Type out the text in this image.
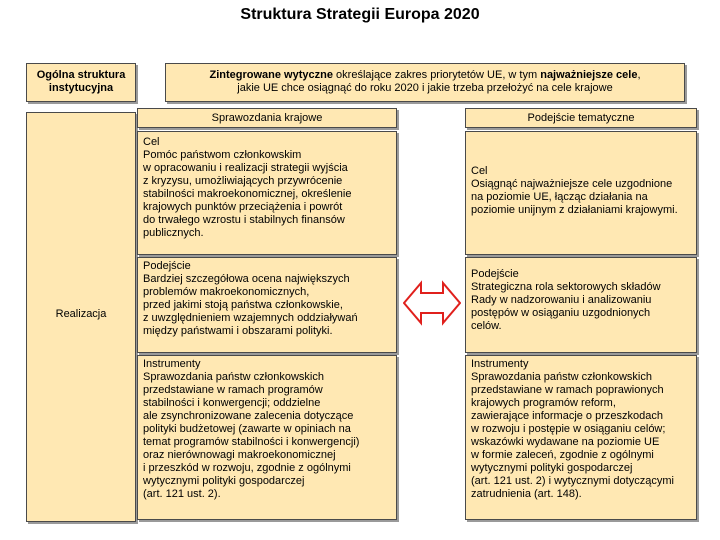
Struktura Strategii Europa 2020
Ogólna struktura
instytucyjna
Zintegrowane wytyczne określające zakres priorytetów UE, w tym najważniejsze cele,
jakie UE chce osiągnąć do roku 2020 i jakie trzeba przełożyć na cele krajowe
Realizacja
Sprawozdania krajowe	Podejście tematyczne
Cel
Pomóc państwom członkowskim
w opracowaniu i realizacji strategii wyjścia
z kryzysu, umożliwiających przywrócenie
stabilności makroekonomicznej, określenie
krajowych punktów przeciążenia i powrót
do trwałego wzrostu i stabilnych finansów
publicznych.
Podejście
Bardziej szczegółowa ocena największych
problemów makroekonomicznych,
przed jakimi stoją państwa członkowskie,
z uwzględnieniem wzajemnych oddziaływań
między państwami i obszarami polityki.
Instrumenty
Sprawozdania państw członkowskich
przedstawiane w ramach programów
stabilności i konwergencji; oddzielne
ale zsynchronizowane zalecenia dotyczące
polityki budżetowej (zawarte w opiniach na
temat programów stabilności i konwergencji)
oraz nierównowagi makroekonomicznej
i przeszkód w rozwoju, zgodnie z ogólnymi
wytycznymi polityki gospodarczej
(art. 121 ust. 2).
Cel
Osiągnąć najważniejsze cele uzgodnione
na poziomie UE, łącząc działania na
poziomie unijnym z działaniami krajowymi.
Podejście
Strategiczna rola sektorowych składów
Rady w nadzorowaniu i analizowaniu
postępów w osiąganiu uzgodnionych
celów.
Instrumenty
Sprawozdania państw członkowskich
przedstawiane w ramach poprawionych
krajowych programów reform,
zawierające informacje o przeszkodach
w rozwoju i postępie w osiąganiu celów;
wskazówki wydawane na poziomie UE
w formie zaleceń, zgodnie z ogólnymi
wytycznymi polityki gospodarczej
(art. 121 ust. 2) i wytycznymi dotyczącymi
zatrudnienia (art. 148).
